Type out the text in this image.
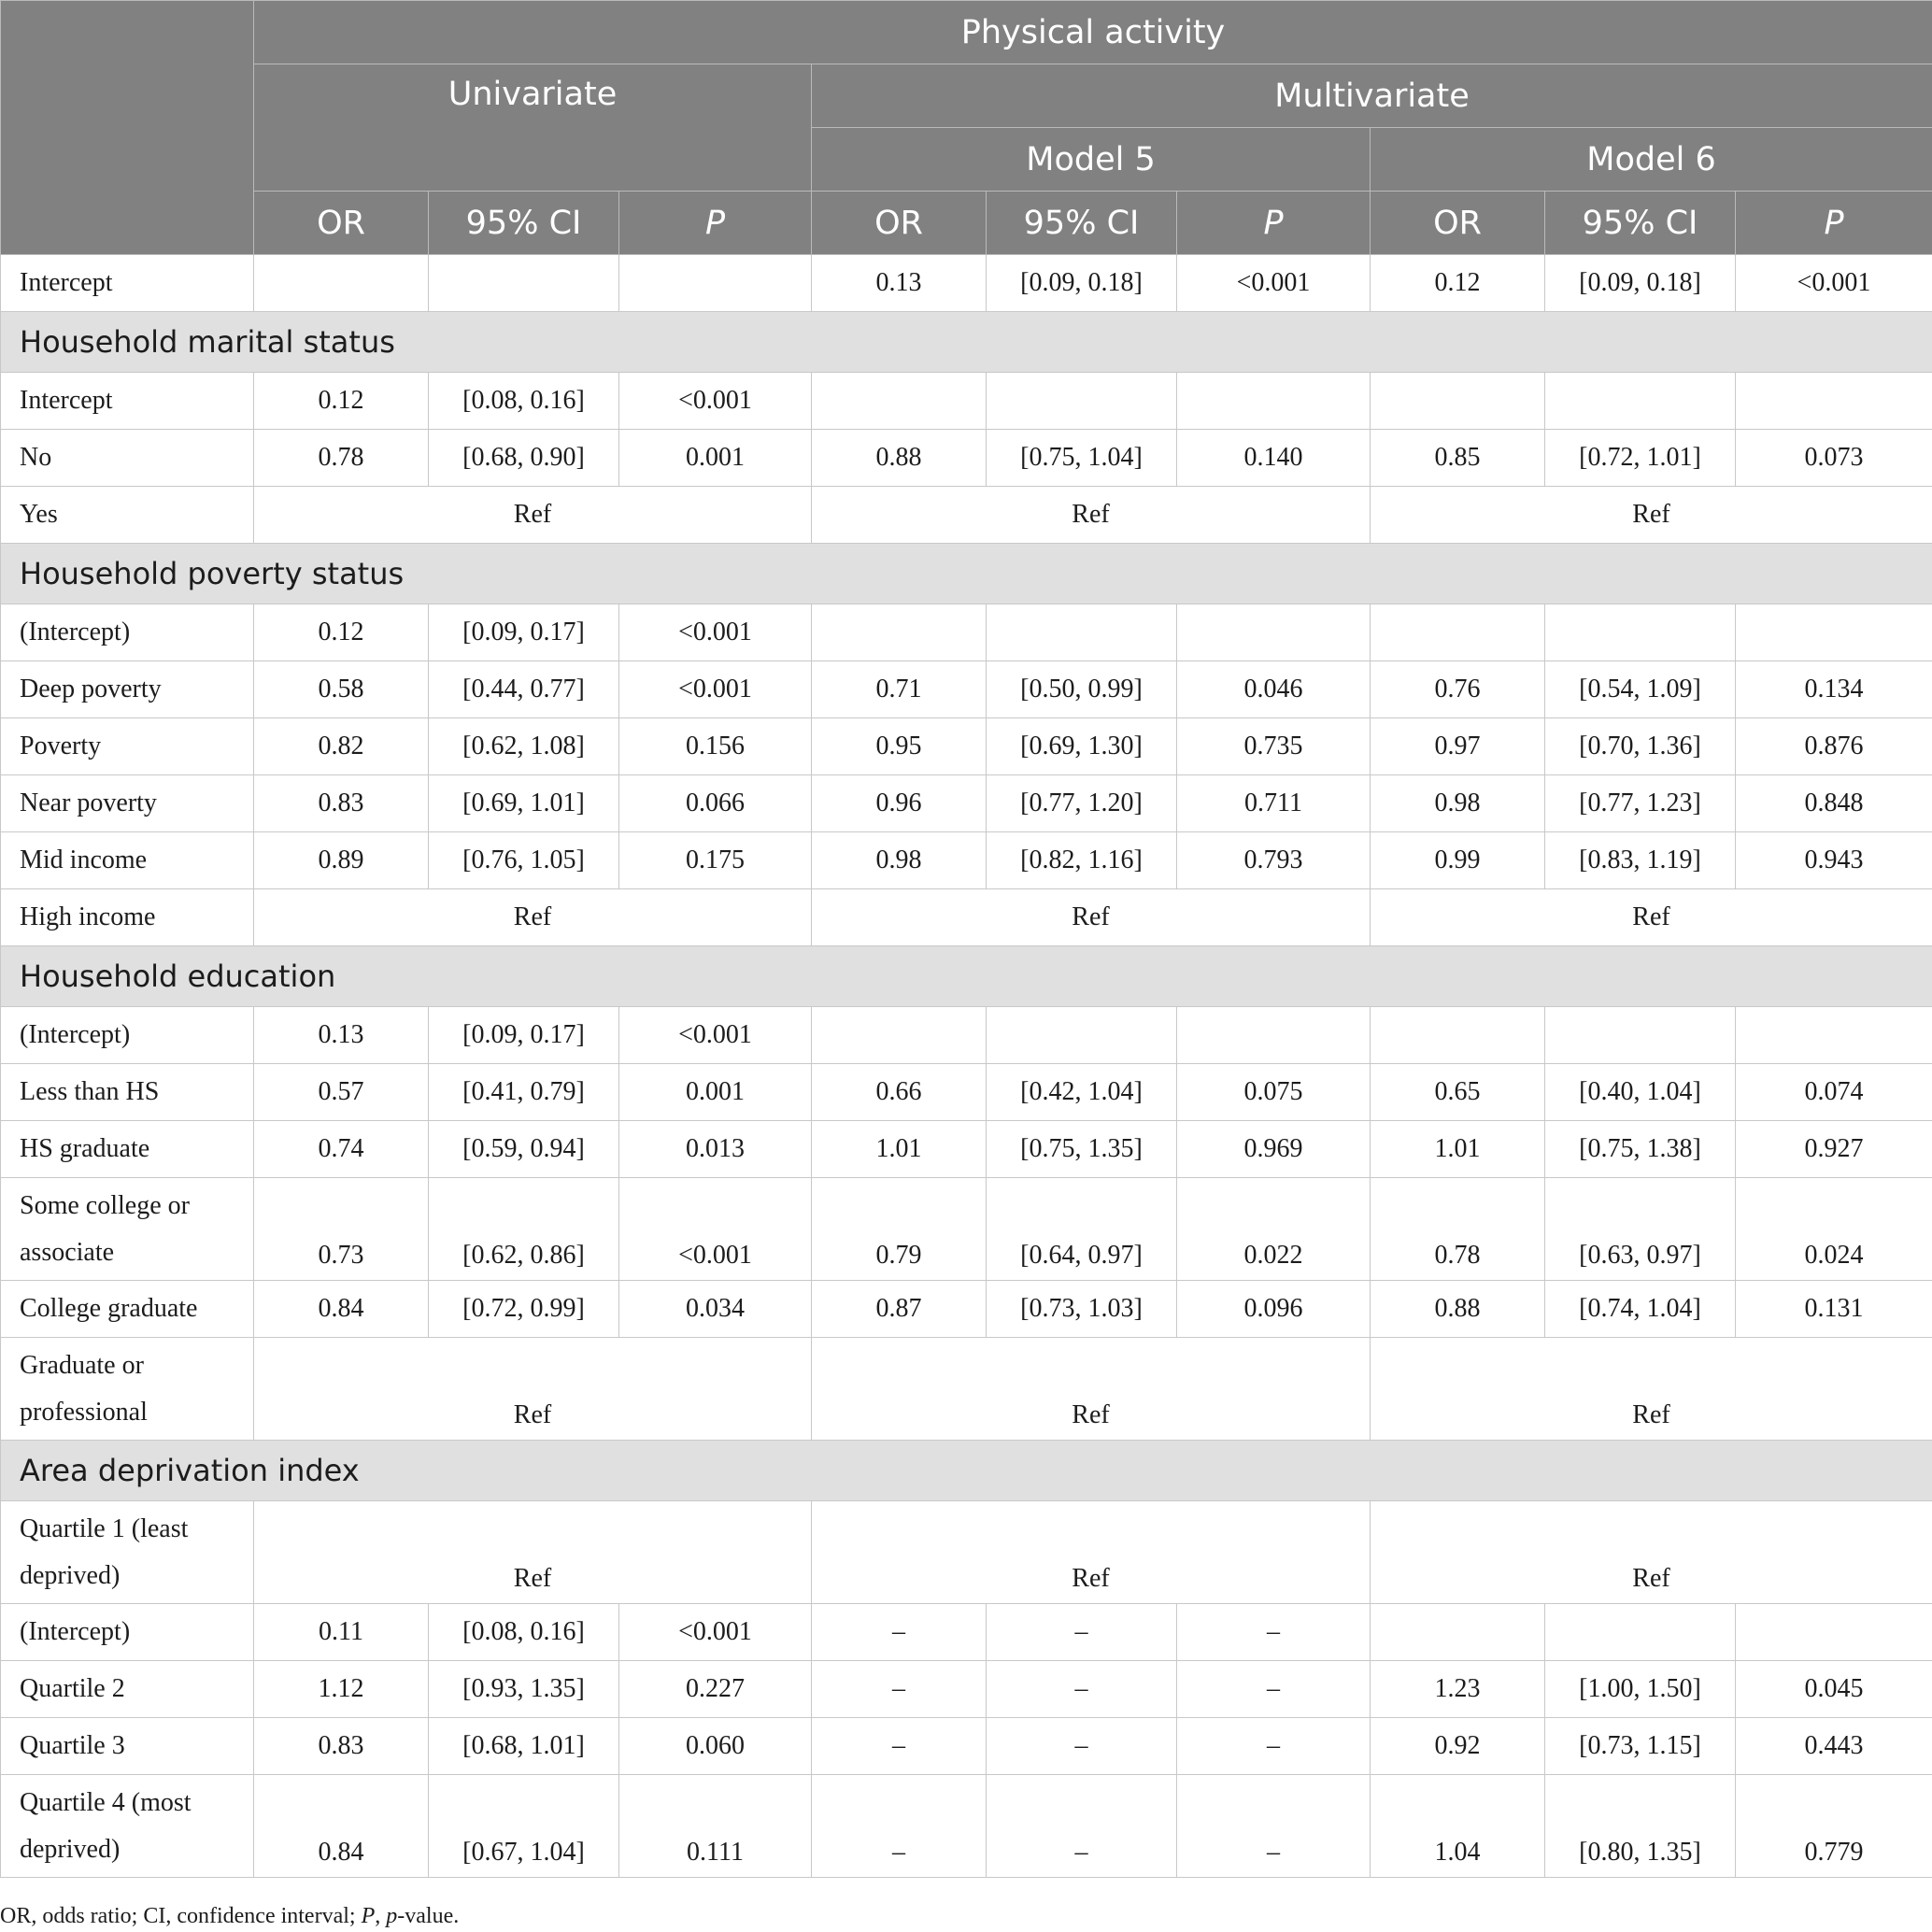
	Physical activity								
	Univariate			Multivariate					
				Model 5			Model 6		
	OR	95% CI	P	OR	95% CI	P	OR	95% CI	P
Intercept				0.13	[0.09, 0.18]	<0.001	0.12	[0.09, 0.18]	<0.001
Household marital status									
Intercept	0.12	[0.08, 0.16]	<0.001						
No	0.78	[0.68, 0.90]	0.001	0.88	[0.75, 1.04]	0.140	0.85	[0.72, 1.01]	0.073
Yes	Ref			Ref			Ref		
Household poverty status									
(Intercept)	0.12	[0.09, 0.17]	<0.001						
Deep poverty	0.58	[0.44, 0.77]	<0.001	0.71	[0.50, 0.99]	0.046	0.76	[0.54, 1.09]	0.134
Poverty	0.82	[0.62, 1.08]	0.156	0.95	[0.69, 1.30]	0.735	0.97	[0.70, 1.36]	0.876
Near poverty	0.83	[0.69, 1.01]	0.066	0.96	[0.77, 1.20]	0.711	0.98	[0.77, 1.23]	0.848
Mid income	0.89	[0.76, 1.05]	0.175	0.98	[0.82, 1.16]	0.793	0.99	[0.83, 1.19]	0.943
High income	Ref			Ref			Ref		
Household education									
(Intercept)	0.13	[0.09, 0.17]	<0.001						
Less than HS	0.57	[0.41, 0.79]	0.001	0.66	[0.42, 1.04]	0.075	0.65	[0.40, 1.04]	0.074
HS graduate	0.74	[0.59, 0.94]	0.013	1.01	[0.75, 1.35]	0.969	1.01	[0.75, 1.38]	0.927

Some college or
associate	0.73	[0.62, 0.86]	<0.001	0.79	[0.64, 0.97]	0.022	0.78	[0.63, 0.97]	0.024
College graduate	0.84	[0.72, 0.99]	0.034	0.87	[0.73, 1.03]	0.096	0.88	[0.74, 1.04]	0.131

Graduate or
professional	Ref			Ref			Ref		
Area deprivation index									

Quartile 1 (least
deprived)	Ref			Ref			Ref		
(Intercept)	0.11	[0.08, 0.16]	<0.001	–	–	–			
Quartile 2	1.12	[0.93, 1.35]	0.227	–	–	–	1.23	[1.00, 1.50]	0.045
Quartile 3	0.83	[0.68, 1.01]	0.060	–	–	–	0.92	[0.73, 1.15]	0.443

Quartile 4 (most
deprived)	0.84	[0.67, 1.04]	0.111	–	–	–	1.04	[0.80, 1.35]	0.779
OR, odds ratio; CI, confidence interval; P, p-value.
